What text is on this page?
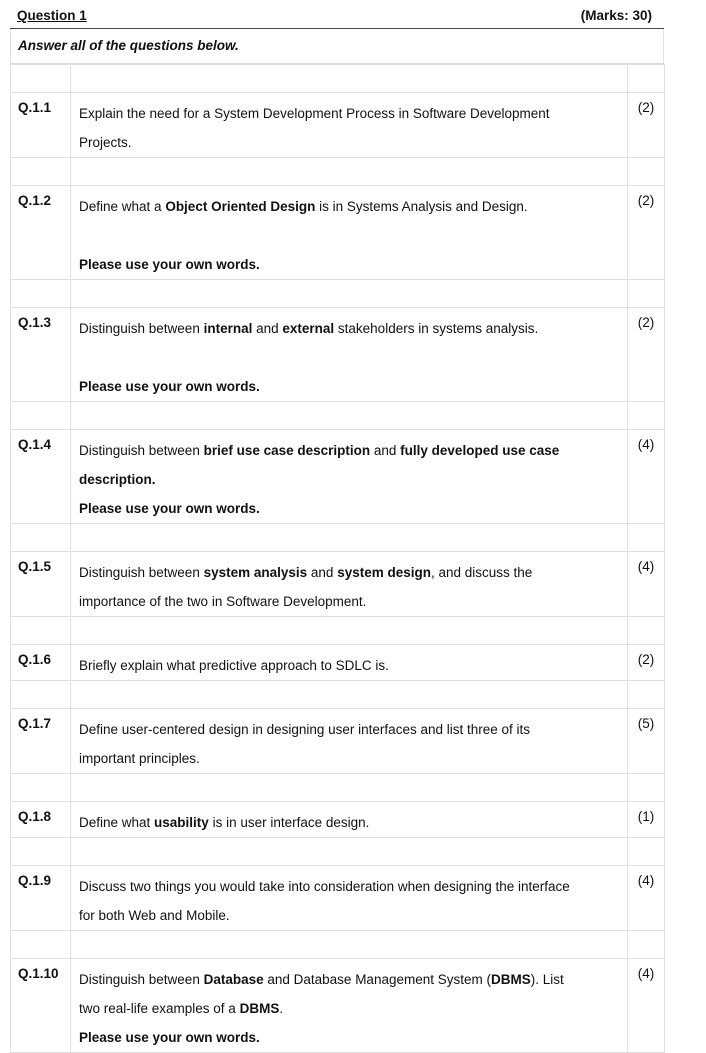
Question 1	(Marks: 30)
Answer all of the questions below.

Q.1.1	Explain the need for a System Development Process in Software Development
Projects.	(2)

Q.1.2	Define what a Object Oriented Design is in Systems Analysis and Design.
Please use your own words.	(2)

Q.1.3	Distinguish between internal and external stakeholders in systems analysis.
Please use your own words.	(2)

Q.1.4	Distinguish between brief use case description and fully developed use case
description.
Please use your own words.	(4)

Q.1.5	Distinguish between system analysis and system design, and discuss the
importance of the two in Software Development.	(4)

Q.1.6	Briefly explain what predictive approach to SDLC is.	(2)

Q.1.7	Define user-centered design in designing user interfaces and list three of its
important principles.	(5)

Q.1.8	Define what usability is in user interface design.	(1)

Q.1.9	Discuss two things you would take into consideration when designing the interface
for both Web and Mobile.	(4)

Q.1.10	Distinguish between Database and Database Management System (DBMS). List
two real-life examples of a DBMS.
Please use your own words.	(4)
